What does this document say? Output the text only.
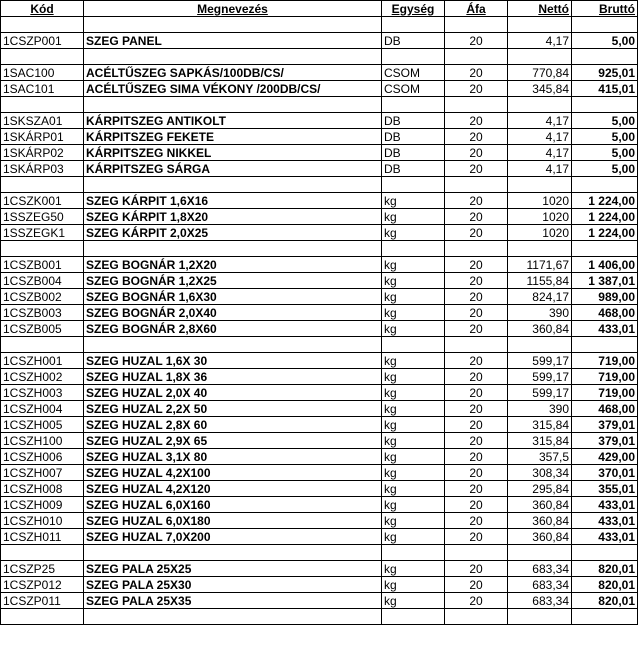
Kód	Megnevezés	Egység	Áfa	Nettó	Bruttó

1CSZP001	SZEG PANEL	DB	20	4,17	5,00

1SAC100	ACÉLTŰSZEG SAPKÁS/100DB/CS/	CSOM	20	770,84	925,01
1SAC101	ACÉLTŰSZEG SIMA VÉKONY /200DB/CS/	CSOM	20	345,84	415,01

1SKSZA01	KÁRPITSZEG ANTIKOLT	DB	20	4,17	5,00
1SKÁRP01	KÁRPITSZEG FEKETE	DB	20	4,17	5,00
1SKÁRP02	KÁRPITSZEG NIKKEL	DB	20	4,17	5,00
1SKÁRP03	KÁRPITSZEG SÁRGA	DB	20	4,17	5,00

1CSZK001	SZEG KÁRPIT 1,6X16	kg	20	1020	1 224,00
1SSZEG50	SZEG KÁRPIT 1,8X20	kg	20	1020	1 224,00
1SSZEGK1	SZEG KÁRPIT 2,0X25	kg	20	1020	1 224,00

1CSZB001	SZEG BOGNÁR 1,2X20	kg	20	1171,67	1 406,00
1CSZB004	SZEG BOGNÁR 1,2X25	kg	20	1155,84	1 387,01
1CSZB002	SZEG BOGNÁR 1,6X30	kg	20	824,17	989,00
1CSZB003	SZEG BOGNÁR 2,0X40	kg	20	390	468,00
1CSZB005	SZEG BOGNÁR 2,8X60	kg	20	360,84	433,01

1CSZH001	SZEG HUZAL 1,6X 30	kg	20	599,17	719,00
1CSZH002	SZEG HUZAL 1,8X 36	kg	20	599,17	719,00
1CSZH003	SZEG HUZAL 2,0X 40	kg	20	599,17	719,00
1CSZH004	SZEG HUZAL 2,2X 50	kg	20	390	468,00
1CSZH005	SZEG HUZAL 2,8X 60	kg	20	315,84	379,01
1CSZH100	SZEG HUZAL 2,9X 65	kg	20	315,84	379,01
1CSZH006	SZEG HUZAL 3,1X 80	kg	20	357,5	429,00
1CSZH007	SZEG HUZAL 4,2X100	kg	20	308,34	370,01
1CSZH008	SZEG HUZAL 4,2X120	kg	20	295,84	355,01
1CSZH009	SZEG HUZAL 6,0X160	kg	20	360,84	433,01
1CSZH010	SZEG HUZAL 6,0X180	kg	20	360,84	433,01
1CSZH011	SZEG HUZAL 7,0X200	kg	20	360,84	433,01

1CSZP25	SZEG PALA 25X25	kg	20	683,34	820,01
1CSZP012	SZEG PALA 25X30	kg	20	683,34	820,01
1CSZP011	SZEG PALA 25X35	kg	20	683,34	820,01
